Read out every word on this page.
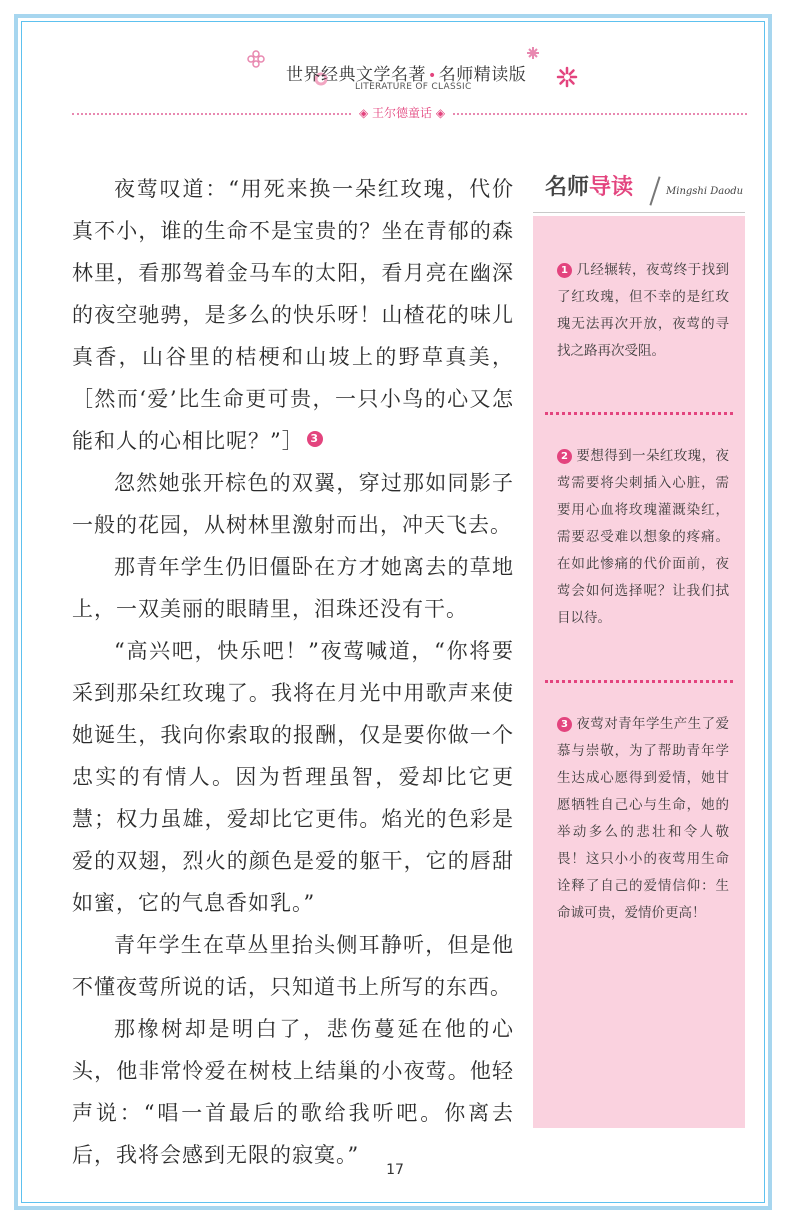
世界经典文学名著 • 名师精读版
LITERATURE OF CLASSIC
◈ 王尔德童话 ◈

夜莺叹道：“用死来换一朵红玫瑰，代价真不小，谁的生命不是宝贵的？坐在青郁的森林里，看那驾着金马车的太阳，看月亮在幽深的夜空驰骋，是多么的快乐呀！山楂花的味儿真香，山谷里的桔梗和山坡上的野草真美，［然而‘爱’比生命更可贵，一只小鸟的心又怎能和人的心相比呢？”］ 3

忽然她张开棕色的双翼，穿过那如同影子一般的花园，从树林里激射而出，冲天飞去。

那青年学生仍旧僵卧在方才她离去的草地上，一双美丽的眼睛里，泪珠还没有干。

“高兴吧，快乐吧！”夜莺喊道，“你将要采到那朵红玫瑰了。我将在月光中用歌声来使她诞生，我向你索取的报酬，仅是要你做一个忠实的有情人。因为哲理虽智，爱却比它更慧；权力虽雄，爱却比它更伟。焰光的色彩是爱的双翅，烈火的颜色是爱的躯干，它的唇甜如蜜，它的气息香如乳。”

青年学生在草丛里抬头侧耳静听，但是他不懂夜莺所说的话，只知道书上所写的东西。

那橡树却是明白了，悲伤蔓延在他的心头，他非常怜爱在树枝上结巢的小夜莺。他轻声说：“唱一首最后的歌给我听吧。你离去后，我将会感到无限的寂寞。”

名师导读	Mingshi Daodu
1 几经辗转，夜莺终于找到了红玫瑰，但不幸的是红玫瑰无法再次开放，夜莺的寻找之路再次受阻。
2 要想得到一朵红玫瑰，夜莺需要将尖刺插入心脏，需要用心血将玫瑰灌溉染红，需要忍受难以想象的疼痛。在如此惨痛的代价面前，夜莺会如何选择呢？让我们拭目以待。
3 夜莺对青年学生产生了爱慕与崇敬，为了帮助青年学生达成心愿得到爱情，她甘愿牺牲自己心与生命，她的举动多么的悲壮和令人敬畏！这只小小的夜莺用生命诠释了自己的爱情信仰：生命诚可贵，爱情价更高！
17
